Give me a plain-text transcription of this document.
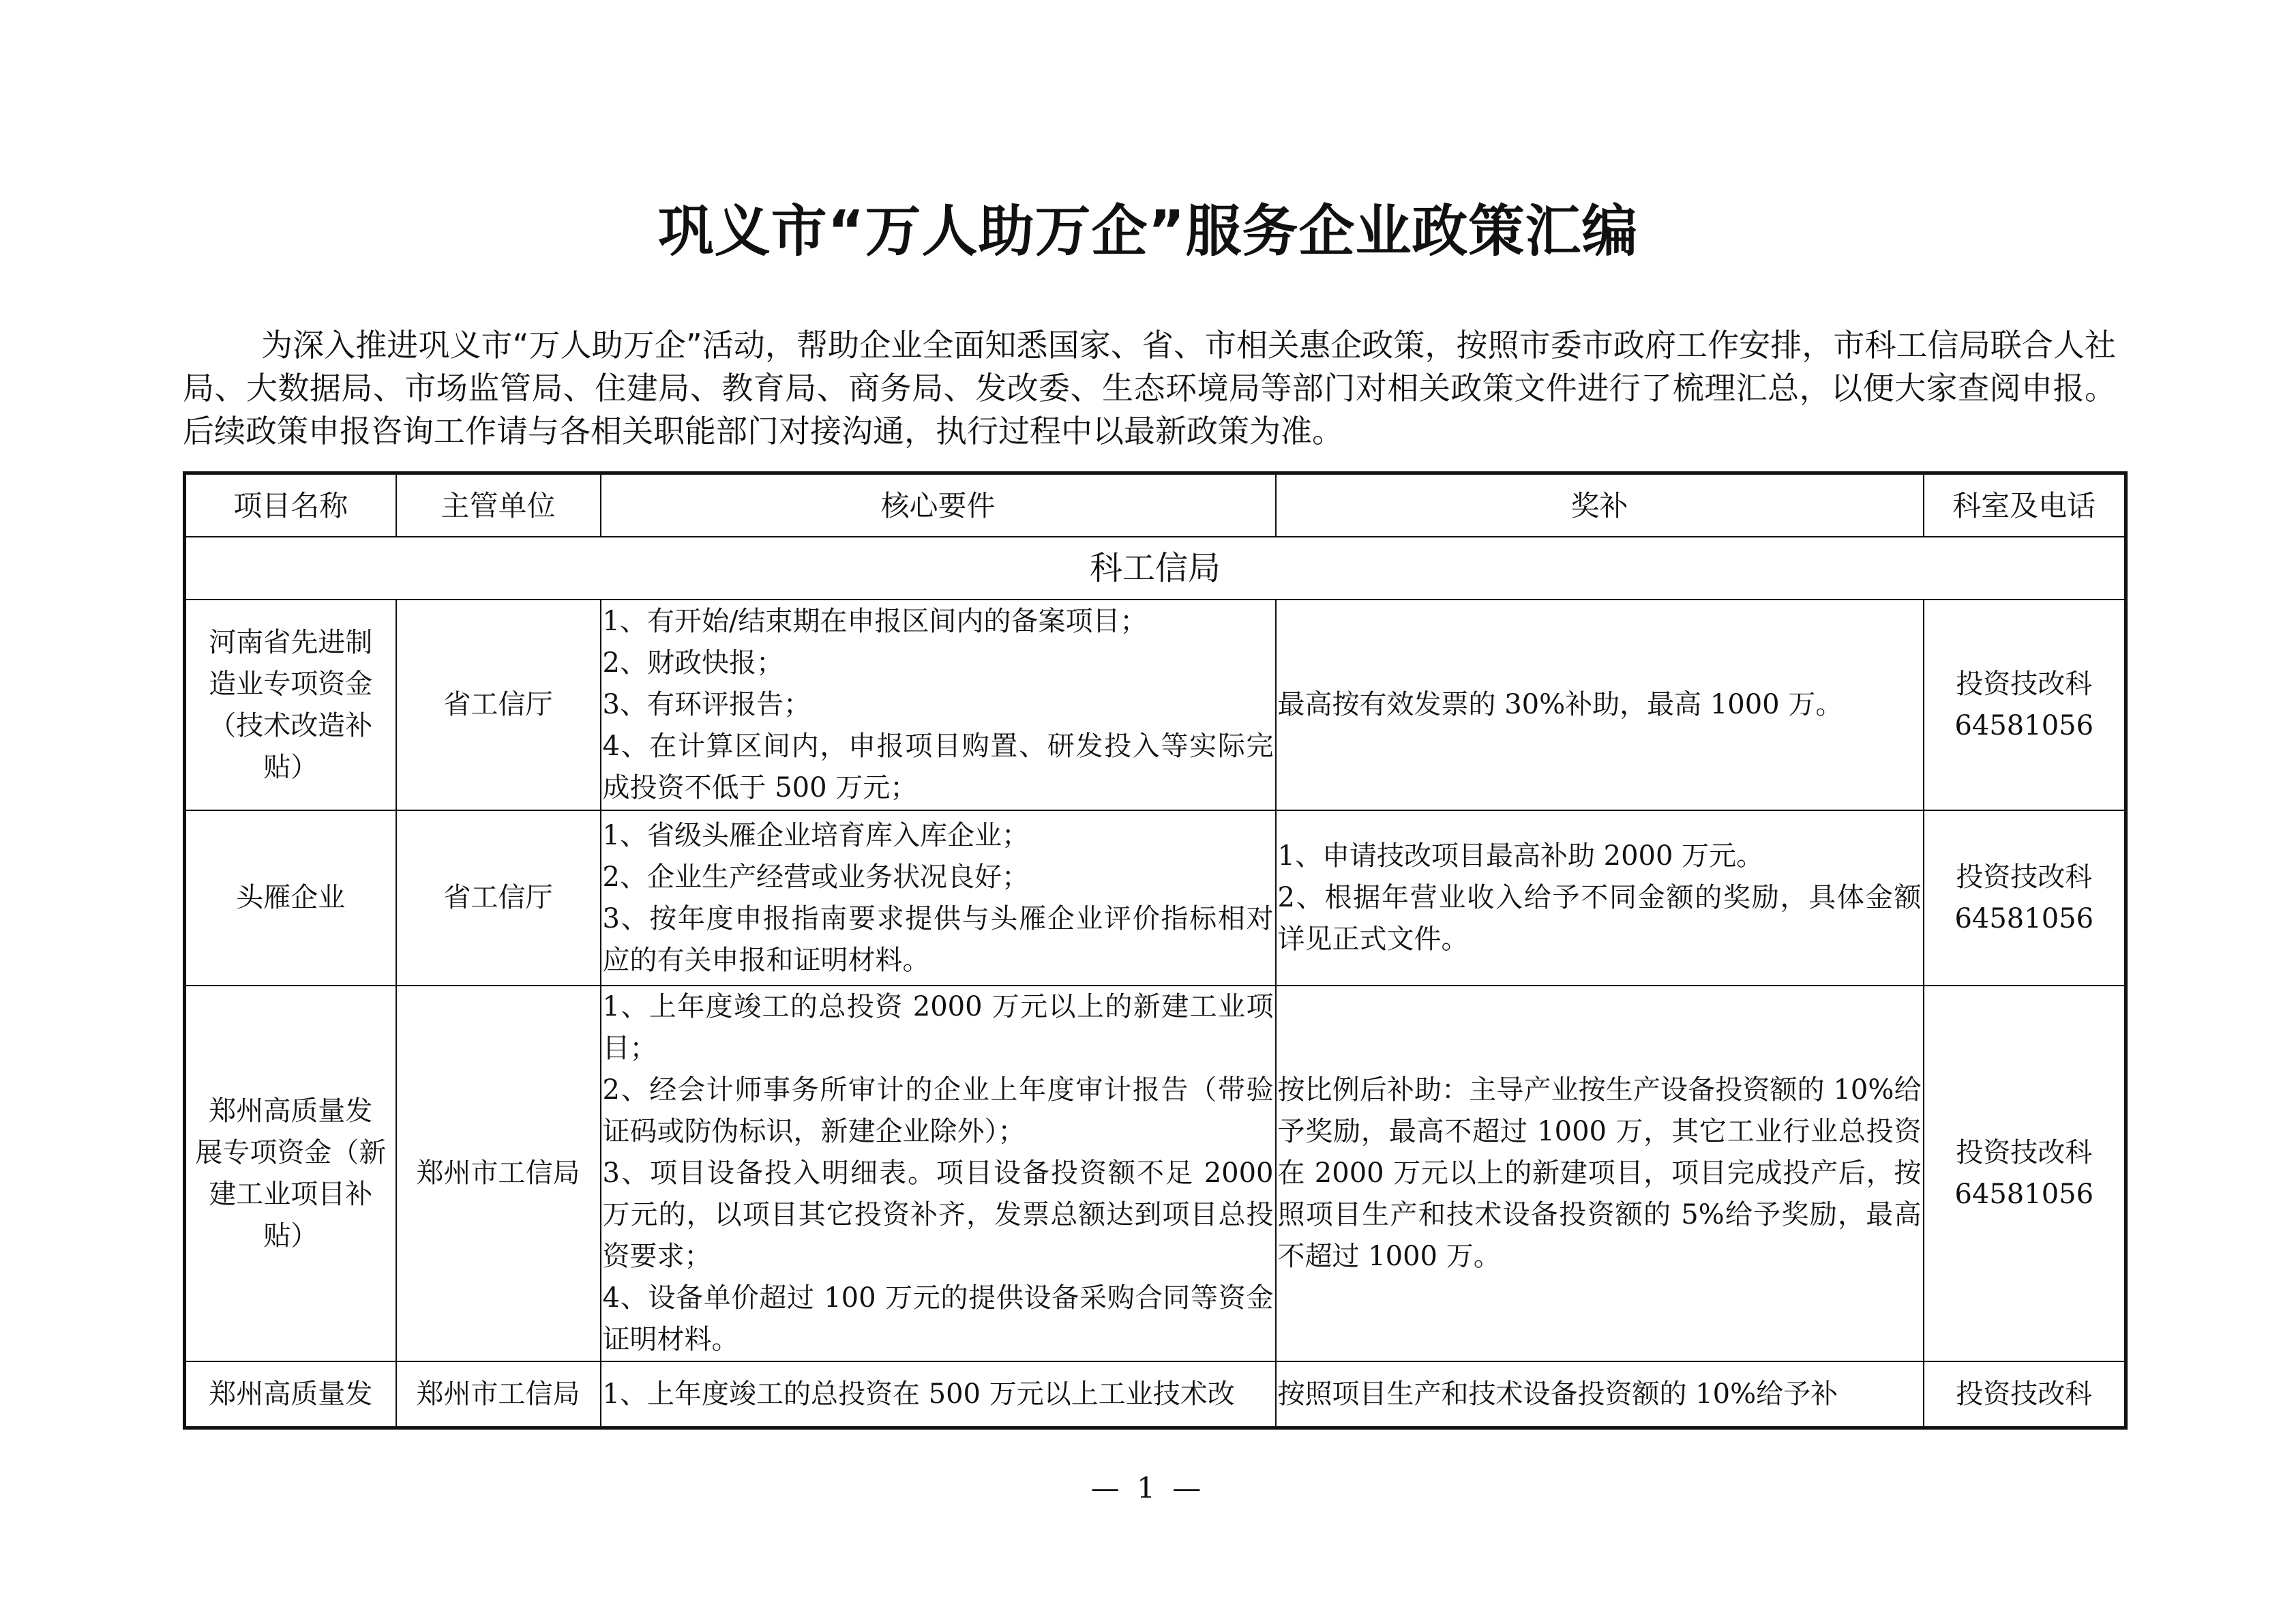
巩义市“万人助万企”服务企业政策汇编

为深入推进巩义市“万人助万企”活动，帮助企业全面知悉国家、省、市相关惠企政策，按照市委市政府工作安排，市科工信局联合人社局、大数据局、市场监管局、住建局、教育局、商务局、发改委、生态环境局等部门对相关政策文件进行了梳理汇总，以便大家查阅申报。后续政策申报咨询工作请与各相关职能部门对接沟通，执行过程中以最新政策为准。

项目名称	主管单位	核心要件	奖补	科室及电话
科工信局				

河南省先进制
造业专项资金
（技术改造补
贴）	省工信厅	1、有开始/结束期在申报区间内的备案项目；
2、财政快报；
3、有环评报告；
4、在计算区间内，申报项目购置、研发投入等实际完成投资不低于 500 万元；	最高按有效发票的 30%补助，最高 1000 万。	投资技改科
64581056

头雁企业	省工信厅	1、省级头雁企业培育库入库企业；
2、企业生产经营或业务状况良好；
3、按年度申报指南要求提供与头雁企业评价指标相对应的有关申报和证明材料。	1、申请技改项目最高补助 2000 万元。
2、根据年营业收入给予不同金额的奖励，具体金额详见正式文件。	投资技改科
64581056

郑州高质量发
展专项资金（新
建工业项目补
贴）	郑州市工信局	1、上年度竣工的总投资 2000 万元以上的新建工业项目；
2、经会计师事务所审计的企业上年度审计报告（带验证码或防伪标识，新建企业除外）；
3、项目设备投入明细表。项目设备投资额不足 2000 万元的，以项目其它投资补齐，发票总额达到项目总投资要求；
4、设备单价超过 100 万元的提供设备采购合同等资金证明材料。	按比例后补助：主导产业按生产设备投资额的 10%给予奖励，最高不超过 1000 万，其它工业行业总投资在 2000 万元以上的新建项目，项目完成投产后，按照项目生产和技术设备投资额的 5%给予奖励，最高不超过 1000 万。	投资技改科
64581056

郑州高质量发	郑州市工信局	1、上年度竣工的总投资在 500 万元以上工业技术改	按照项目生产和技术设备投资额的 10%给予补	投资技改科

— 1 —
